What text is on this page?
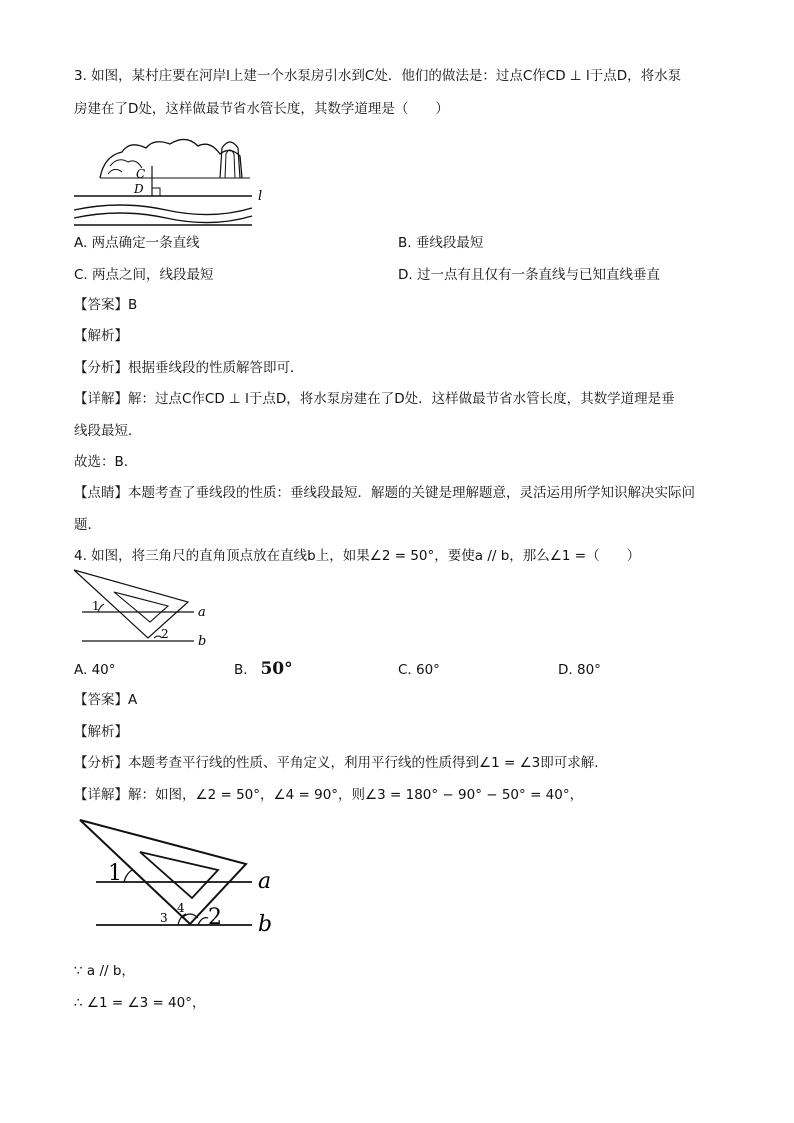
3. 如图，某村庄要在河岸l上建一个水泵房引水到C处．他们的做法是：过点C作CD ⊥ l于点D，将水泵
房建在了D处，这样做最节省水管长度，其数学道理是（　　）
C
D	l
A. 两点确定一条直线	B. 垂线段最短
C. 两点之间，线段最短	D. 过一点有且仅有一条直线与已知直线垂直
【答案】B
【解析】
【分析】根据垂线段的性质解答即可．
【详解】解：过点C作CD ⊥ l于点D，将水泵房建在了D处．这样做最节省水管长度，其数学道理是垂
线段最短．
故选：B．
【点睛】本题考查了垂线段的性质：垂线段最短．解题的关键是理解题意，灵活运用所学知识解决实际问
题．
4. 如图，将三角尺的直角顶点放在直线b上，如果∠2 = 50°，要使a // b，那么∠1 =（　　）
1
2
a
b
A. 40°	B. 50°	C. 60°	D. 80°
【答案】A
【解析】
【分析】本题考查平行线的性质、平角定义，利用平行线的性质得到∠1 = ∠3即可求解．
【详解】解：如图，∠2 = 50°，∠4 = 90°，则∠3 = 180° − 90° − 50° = 40°，
1
2
3
4
a
b
∵ a // b，
∴ ∠1 = ∠3 = 40°，
